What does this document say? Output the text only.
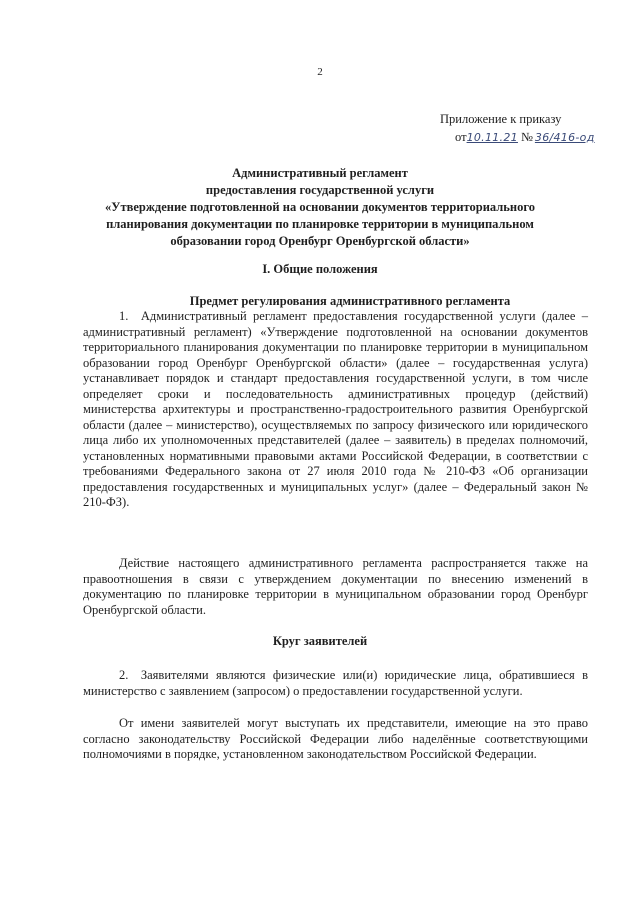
2
Приложение к приказу
от 10.11.21 № 36/416-од
Административный регламент
предоставления государственной услуги
«Утверждение подготовленной на основании документов территориального
планирования документации по планировке территории в муниципальном
образовании город Оренбург Оренбургской области»
I. Общие положения
Предмет регулирования административного регламента

1. Административный регламент предоставления государственной услуги (далее – административный регламент) «Утверждение подготовленной на основании документов территориального планирования документации по планировке территории в муниципальном образовании город Оренбург Оренбургской области» (далее – государственная услуга) устанавливает порядок и стандарт предоставления государственной услуги, в том числе определяет сроки и последовательность административных процедур (действий) министерства архитектуры и пространственно-градостроительного развития Оренбургской области (далее – министерство), осуществляемых по запросу физического или юридического лица либо их уполномоченных представителей (далее – заявитель) в пределах полномочий, установленных нормативными правовыми актами Российской Федерации, в соответствии с требованиями Федерального закона от 27 июля 2010 года № 210-ФЗ «Об организации предоставления государственных и муниципальных услуг» (далее – Федеральный закон № 210-ФЗ).

Действие настоящего административного регламента распространяется также на правоотношения в связи с утверждением документации по внесению изменений в документацию по планировке территории в муниципальном образовании город Оренбург Оренбургской области.

Круг заявителей

2. Заявителями являются физические или(и) юридические лица, обратившиеся в министерство с заявлением (запросом) о предоставлении государственной услуги.

От имени заявителей могут выступать их представители, имеющие на это право согласно законодательству Российской Федерации либо наделённые соответствующими полномочиями в порядке, установленном законодательством Российской Федерации.
